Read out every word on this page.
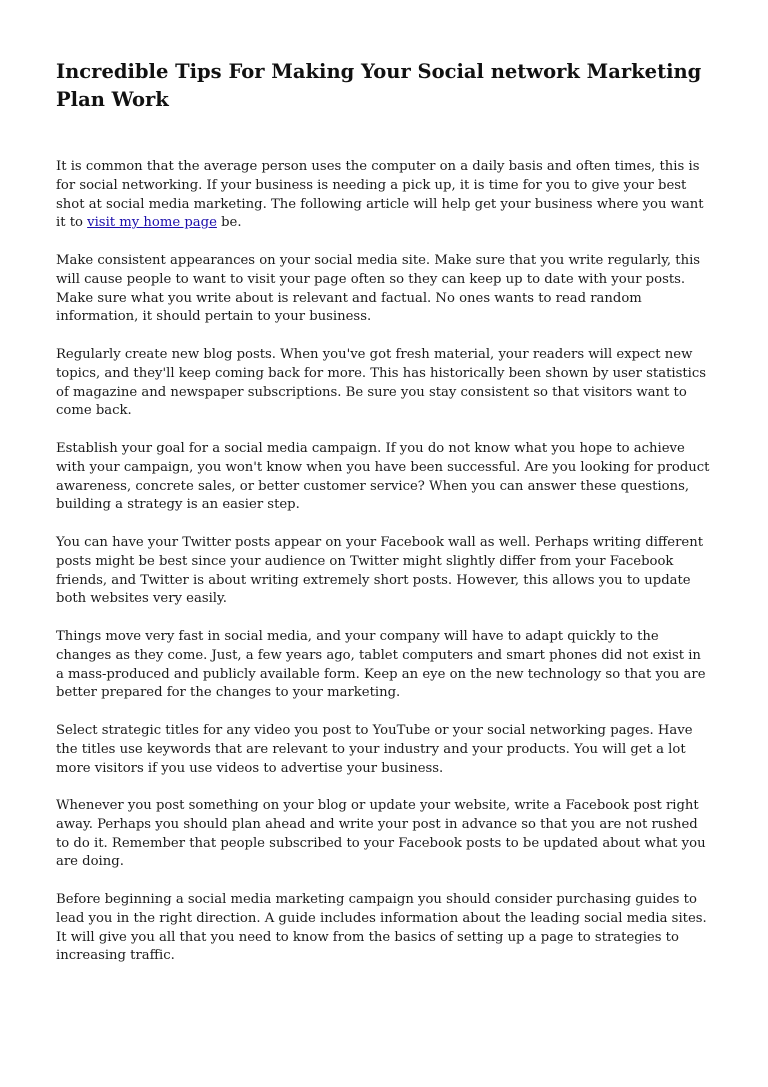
Incredible Tips For Making Your Social network Marketing Plan Work

It is common that the average person uses the computer on a daily basis and often times, this is for social networking. If your business is needing a pick up, it is time for you to give your best shot at social media marketing. The following article will help get your business where you want it to visit my home page be.

Make consistent appearances on your social media site. Make sure that you write regularly, this will cause people to want to visit your page often so they can keep up to date with your posts. Make sure what you write about is relevant and factual. No ones wants to read random information, it should pertain to your business.

Regularly create new blog posts. When you've got fresh material, your readers will expect new topics, and they'll keep coming back for more. This has historically been shown by user statistics of magazine and newspaper subscriptions. Be sure you stay consistent so that visitors want to come back.

Establish your goal for a social media campaign. If you do not know what you hope to achieve with your campaign, you won't know when you have been successful. Are you looking for product awareness, concrete sales, or better customer service? When you can answer these questions, building a strategy is an easier step.

You can have your Twitter posts appear on your Facebook wall as well. Perhaps writing different posts might be best since your audience on Twitter might slightly differ from your Facebook friends, and Twitter is about writing extremely short posts. However, this allows you to update both websites very easily.

Things move very fast in social media, and your company will have to adapt quickly to the changes as they come. Just, a few years ago, tablet computers and smart phones did not exist in a mass-produced and publicly available form. Keep an eye on the new technology so that you are better prepared for the changes to your marketing.

Select strategic titles for any video you post to YouTube or your social networking pages. Have the titles use keywords that are relevant to your industry and your products. You will get a lot more visitors if you use videos to advertise your business.

Whenever you post something on your blog or update your website, write a Facebook post right away. Perhaps you should plan ahead and write your post in advance so that you are not rushed to do it. Remember that people subscribed to your Facebook posts to be updated about what you are doing.

Before beginning a social media marketing campaign you should consider purchasing guides to lead you in the right direction. A guide includes information about the leading social media sites. It will give you all that you need to know from the basics of setting up a page to strategies to increasing traffic.
